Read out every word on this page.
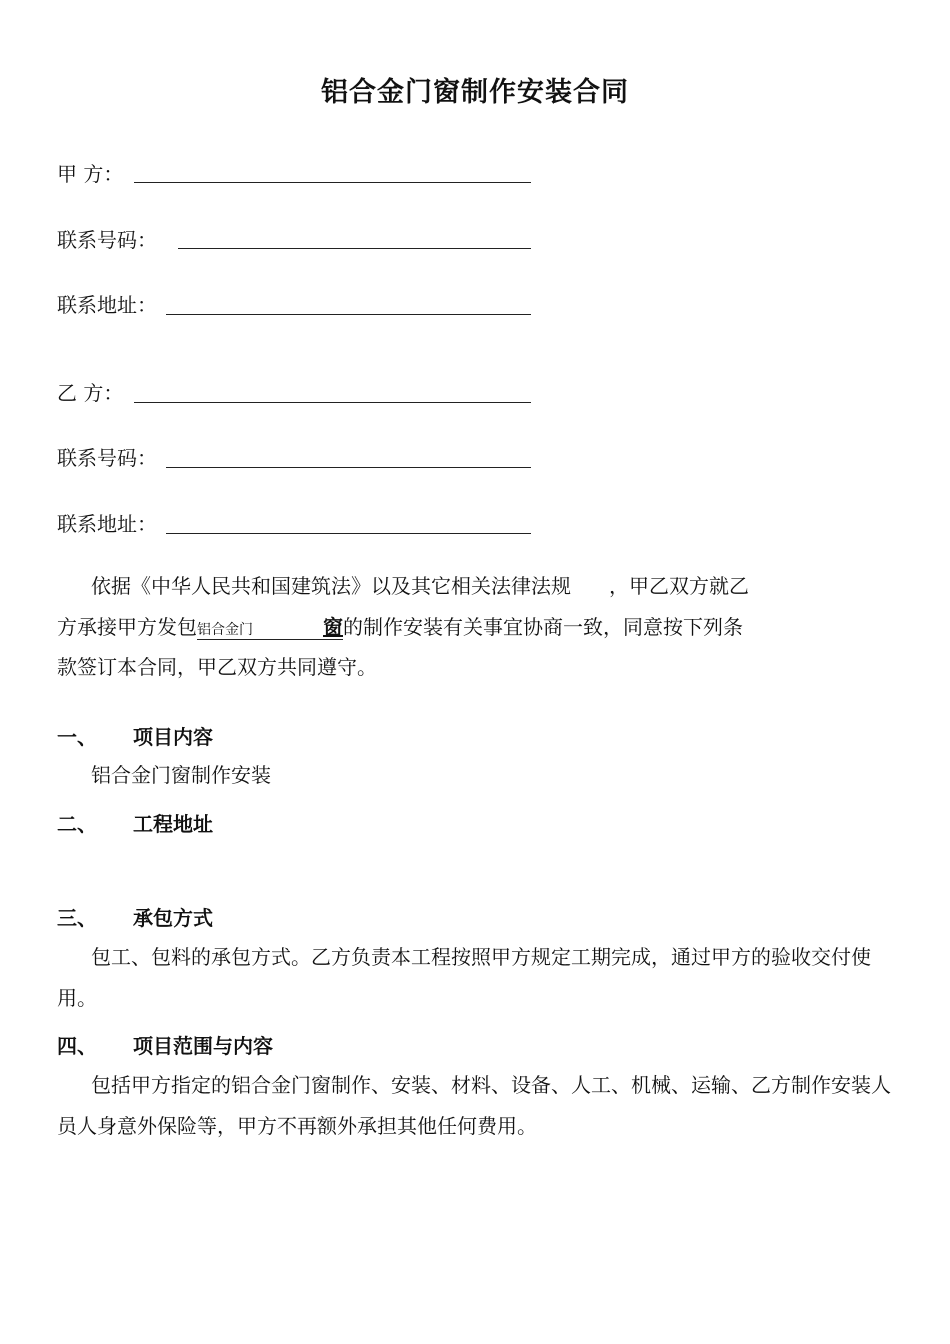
铝合金门窗制作安装合同
甲 方：
联系号码：
联系地址：
乙 方：
联系号码：
联系地址：
依据《中华人民共和国建筑法》以及其它相关法律法规 ，甲乙双方就乙
方承接甲方发包铝合金门	窗的制作安装有关事宜协商一致，同意按下列条
款签订本合同，甲乙双方共同遵守。
一、 项目内容
铝合金门窗制作安装
二、 工程地址
三、 承包方式
包工、包料的承包方式。乙方负责本工程按照甲方规定工期完成，通过甲方的验收交付使用。
四、 项目范围与内容
包括甲方指定的铝合金门窗制作、安装、材料、设备、人工、机械、运输、乙方制作安装人员人身意外保险等，甲方不再额外承担其他任何费用。
